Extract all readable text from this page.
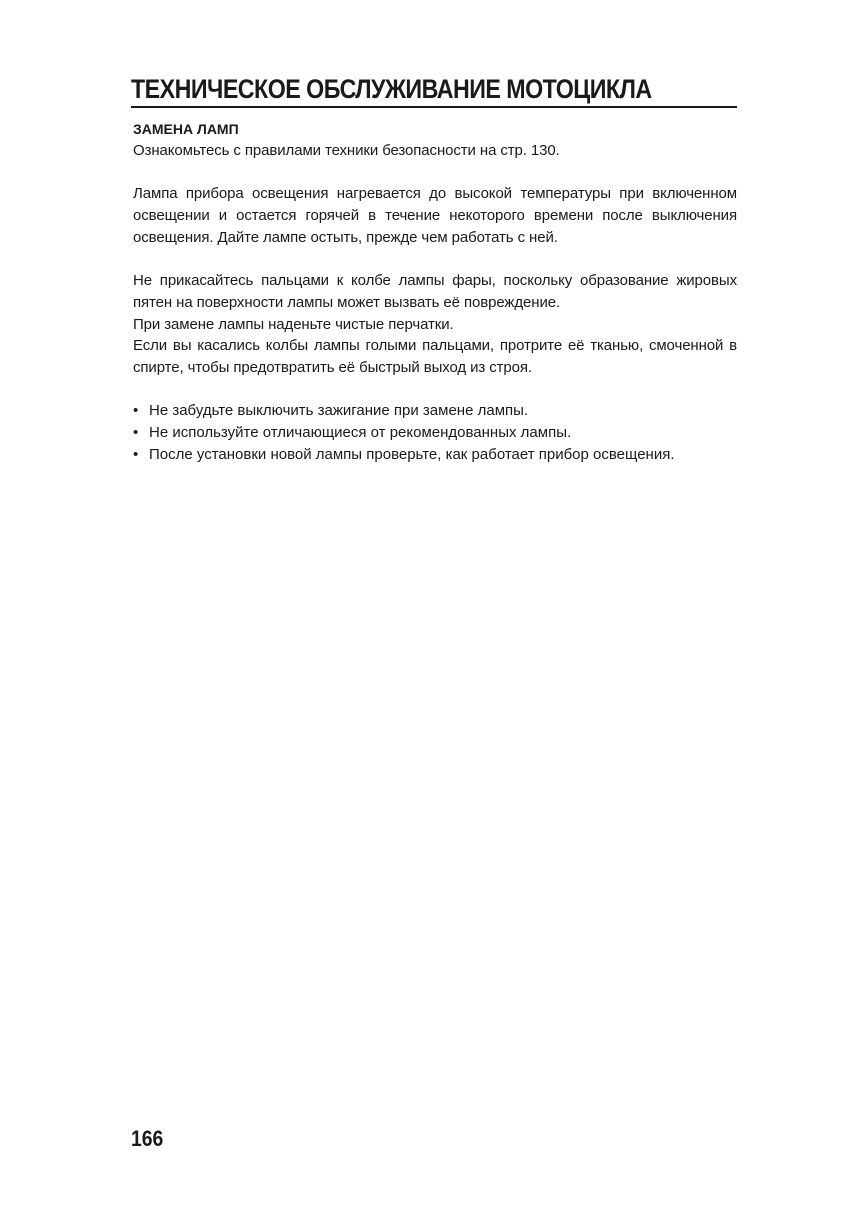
ТЕХНИЧЕСКОЕ ОБСЛУЖИВАНИЕ МОТОЦИКЛА
ЗАМЕНА ЛАМП

Ознакомьтесь с правилами техники безопасности на стр. 130.

Лампа прибора освещения нагревается до высокой температуры при включенном освещении и остается горячей в течение некоторого времени после выключения освещения. Дайте лампе остыть, прежде чем работать с ней.

Не прикасайтесь пальцами к колбе лампы фары, поскольку образование жировых пятен на поверхности лампы может вызвать её повреждение.

При замене лампы наденьте чистые перчатки.

Если вы касались колбы лампы голыми пальцами, протрите её тканью, смоченной в спирте, чтобы предотвратить её быстрый выход из строя.

• Не забудьте выключить зажигание при замене лампы.
• Не используйте отличающиеся от рекомендованных лампы.
• После установки новой лампы проверьте, как работает прибор освещения.
166
